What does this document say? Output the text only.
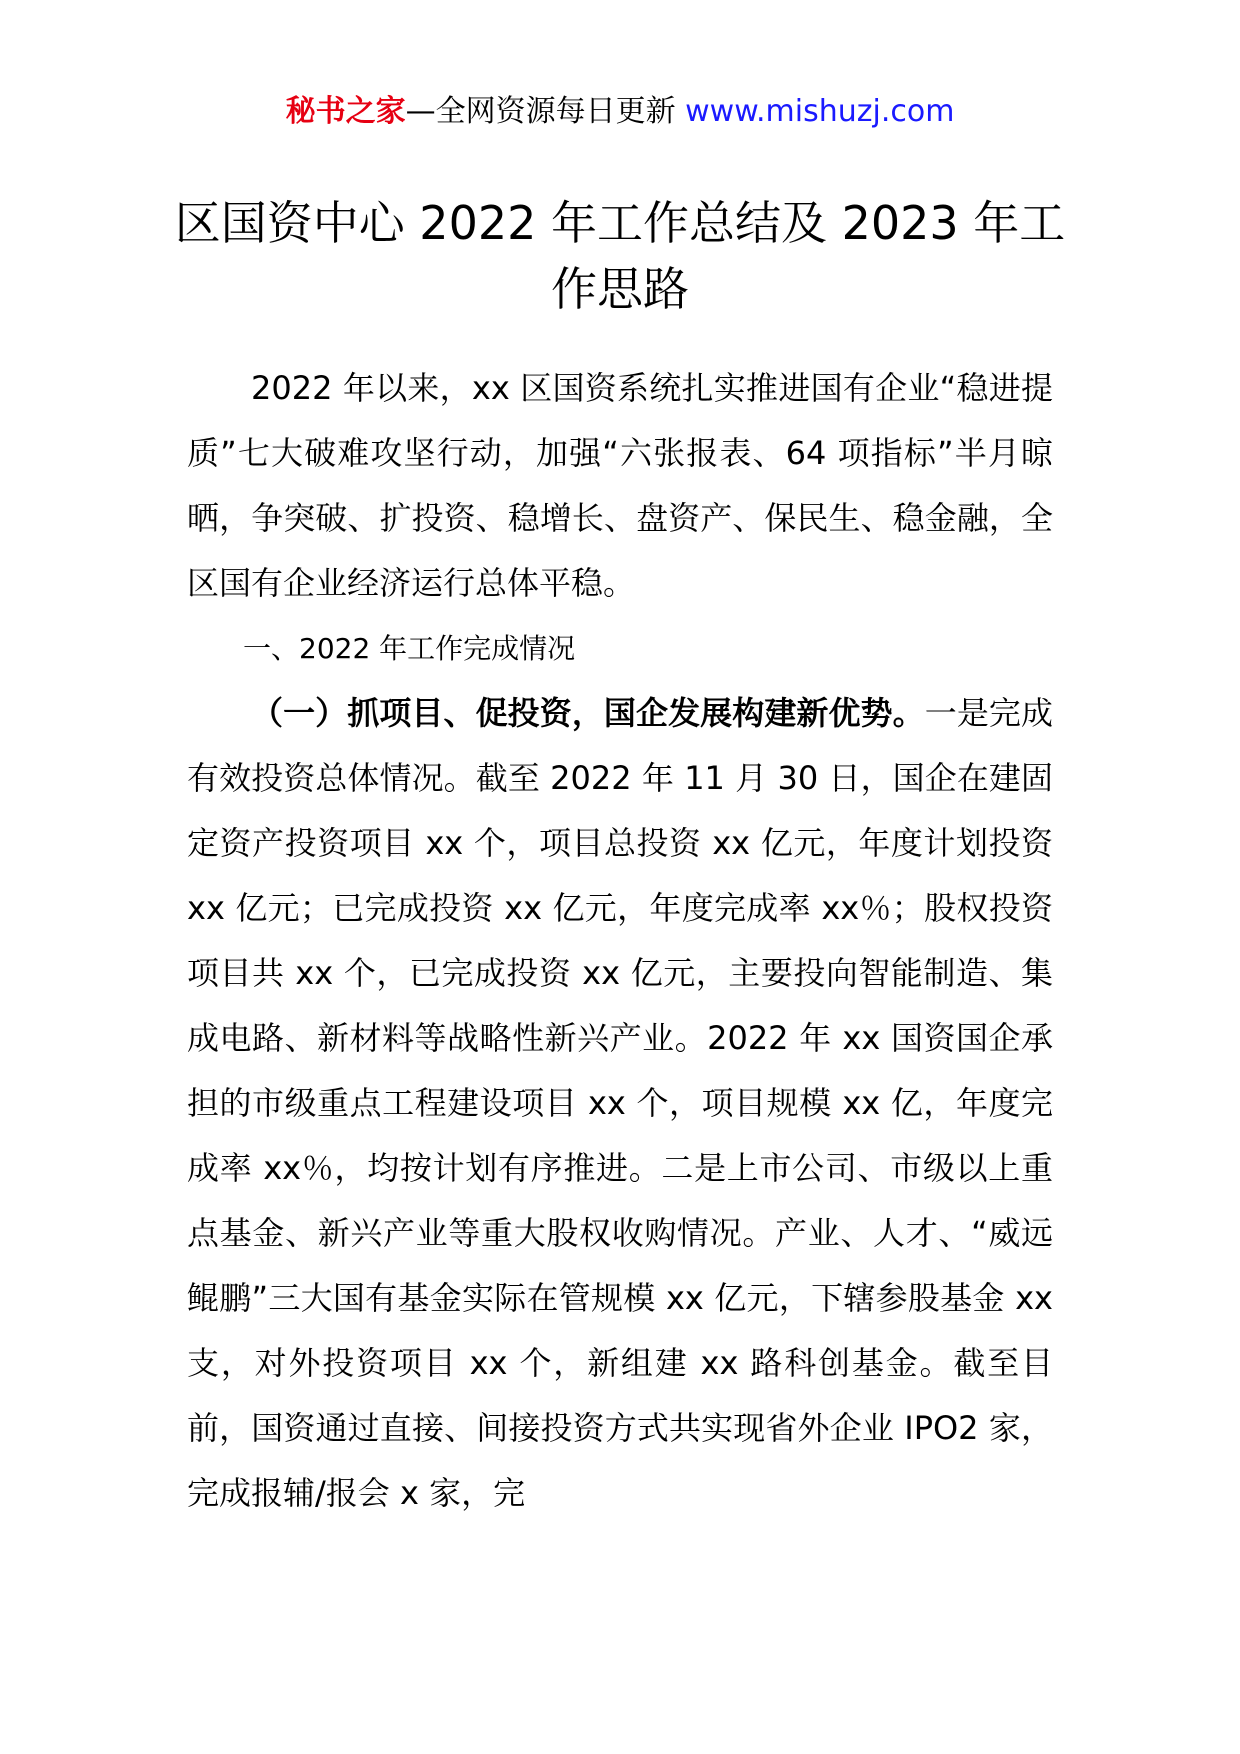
秘书之家—全网资源每日更新 www.mishuzj.com
区国资中心 2022 年工作总结及 2023 年工作思路

2022 年以来，xx 区国资系统扎实推进国有企业“稳进提质”七大破难攻坚行动，加强“六张报表、64 项指标”半月晾晒，争突破、扩投资、稳增长、盘资产、保民生、稳金融，全区国有企业经济运行总体平稳。

一、2022 年工作完成情况

（一）抓项目、促投资，国企发展构建新优势。一是完成有效投资总体情况。截至 2022 年 11 月 30 日，国企在建固定资产投资项目 xx 个，项目总投资 xx 亿元，年度计划投资 xx 亿元；已完成投资 xx 亿元，年度完成率 xx％；股权投资项目共 xx 个，已完成投资 xx 亿元，主要投向智能制造、集成电路、新材料等战略性新兴产业。2022 年 xx 国资国企承担的市级重点工程建设项目 xx 个，项目规模 xx 亿，年度完成率 xx％，均按计划有序推进。二是上市公司、市级以上重点基金、新兴产业等重大股权收购情况。产业、人才、“威远鲲鹏”三大国有基金实际在管规模 xx 亿元，下辖参股基金 xx 支，对外投资项目 xx 个，新组建 xx 路科创基金。截至目前，国资通过直接、间接投资方式共实现省外企业 IPO2 家，完成报辅/报会 x 家，完
